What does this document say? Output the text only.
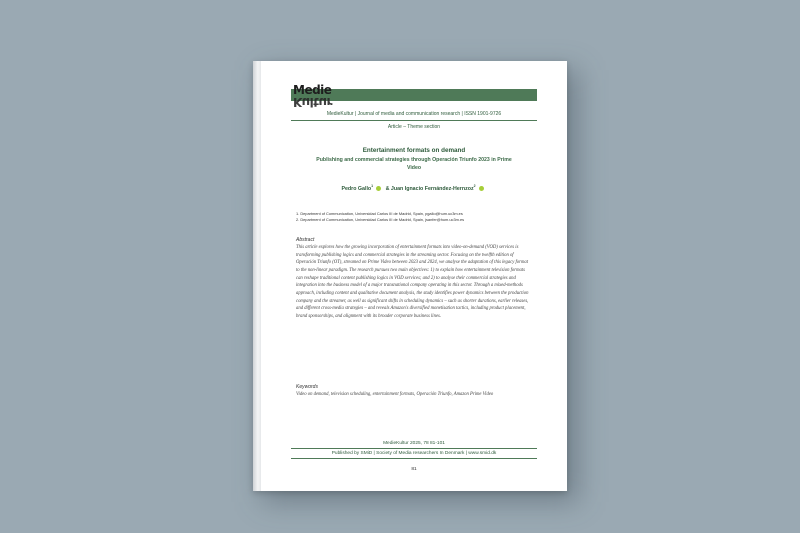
Medie
Kultur
MedieKultur | Journal of media and communication research | ISSN 1901-9726
Article – Theme section
Entertainment formats on demand
Publishing and commercial strategies through Operación Triunfo 2023 in Prime Video
Pedro Gallo$^1$ & Juan Ignacio Fernández-Hernzoz$^2$
1. Department of Communication, Universidad Carlos III de Madrid, Spain, pgallo@hum.uc3m.es
2. Department of Communication, Universidad Carlos III de Madrid, Spain, jsanfer@hum.uc3m.es
Abstract
This article explores how the growing incorporation of entertainment formats into video-on-demand (VOD) services is transforming publishing logics and commercial strategies in the streaming sector. Focusing on the twelfth edition of Operación Triunfo (OT), streamed on Prime Video between 2023 and 2024, we analyse the adaptation of this legacy format to the non-linear paradigm. The research pursues two main objectives: 1) to explain how entertainment television formats can reshape traditional content publishing logics in VOD services; and 2) to analyse their commercial strategies and integration into the business model of a major transnational company operating in this sector. Through a mixed-methods approach, including content and qualitative document analysis, the study identifies power dynamics between the production company and the streamer, as well as significant shifts in scheduling dynamics – such as shorter durations, earlier releases, and different cross-media strategies – and reveals Amazon's diversified monetisation tactics, including product placement, brand sponsorships, and alignment with its broader corporate business lines.
Keywords
Video on demand, television scheduling, entertainment formats, Operación Triunfo, Amazon Prime Video
MedieKultur 2025, 78 81-101
Published by SMiD | Society of Media researchers In Denmark | www.smid.dk
81
